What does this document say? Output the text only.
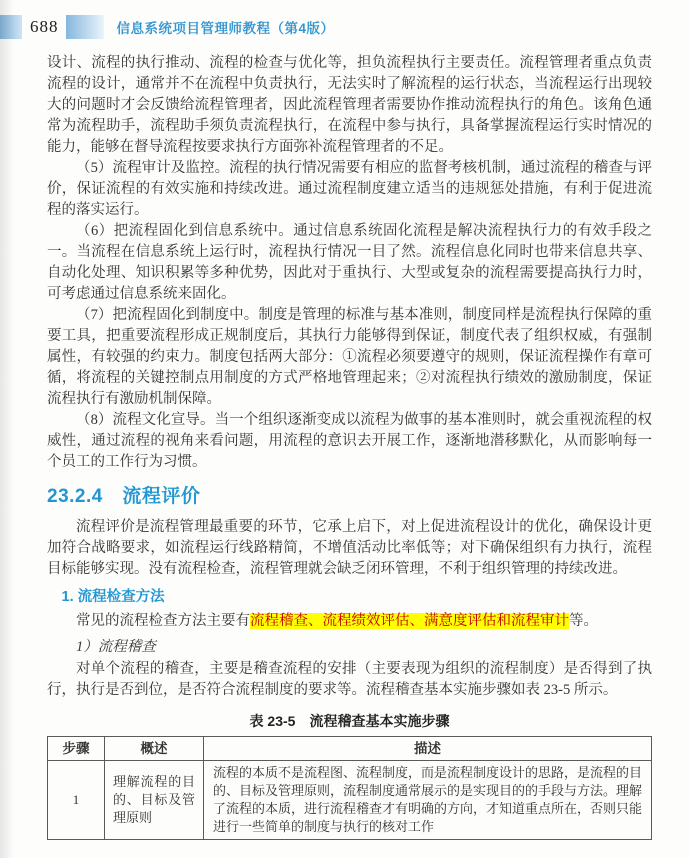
688	信息系统项目管理师教程（第4版）

设计、流程的执行推动、流程的检查与优化等，担负流程执行主要责任。流程管理者重点负责流程的设计，通常并不在流程中负责执行，无法实时了解流程的运行状态，当流程运行出现较大的问题时才会反馈给流程管理者，因此流程管理者需要协作推动流程执行的角色。该角色通常为流程助手，流程助手须负责流程执行，在流程中参与执行，具备掌握流程运行实时情况的能力，能够在督导流程按要求执行方面弥补流程管理者的不足。

（5）流程审计及监控。流程的执行情况需要有相应的监督考核机制，通过流程的稽查与评价，保证流程的有效实施和持续改进。通过流程制度建立适当的违规惩处措施，有利于促进流程的落实运行。

（6）把流程固化到信息系统中。通过信息系统固化流程是解决流程执行力的有效手段之一。当流程在信息系统上运行时，流程执行情况一目了然。流程信息化同时也带来信息共享、自动化处理、知识积累等多种优势，因此对于重执行、大型或复杂的流程需要提高执行力时，可考虑通过信息系统来固化。

（7）把流程固化到制度中。制度是管理的标准与基本准则，制度同样是流程执行保障的重要工具，把重要流程形成正规制度后，其执行力能够得到保证，制度代表了组织权威，有强制属性，有较强的约束力。制度包括两大部分：①流程必须要遵守的规则，保证流程操作有章可循，将流程的关键控制点用制度的方式严格地管理起来；②对流程执行绩效的激励制度，保证流程执行有激励机制保障。

（8）流程文化宣导。当一个组织逐渐变成以流程为做事的基本准则时，就会重视流程的权威性，通过流程的视角来看问题，用流程的意识去开展工作，逐渐地潜移默化，从而影响每一个员工的工作行为习惯。

23.2.4　流程评价

流程评价是流程管理最重要的环节，它承上启下，对上促进流程设计的优化，确保设计更加符合战略要求，如流程运行线路精简，不增值活动比率低等；对下确保组织有力执行，流程目标能够实现。没有流程检查，流程管理就会缺乏闭环管理，不利于组织管理的持续改进。

1. 流程检查方法

常见的流程检查方法主要有流程稽查、流程绩效评估、满意度评估和流程审计等。

1）流程稽查

对单个流程的稽查，主要是稽查流程的安排（主要表现为组织的流程制度）是否得到了执行，执行是否到位，是否符合流程制度的要求等。流程稽查基本实施步骤如表 23-5 所示。

表 23-5　流程稽查基本实施步骤

步骤	概述	描述
1	理解流程的目的、目标及管理原则	流程的本质不是流程图、流程制度，而是流程制度设计的思路，是流程的目的、目标及管理原则，流程制度通常展示的是实现目的的手段与方法。理解了流程的本质，进行流程稽查才有明确的方向，才知道重点所在，否则只能进行一些简单的制度与执行的核对工作
